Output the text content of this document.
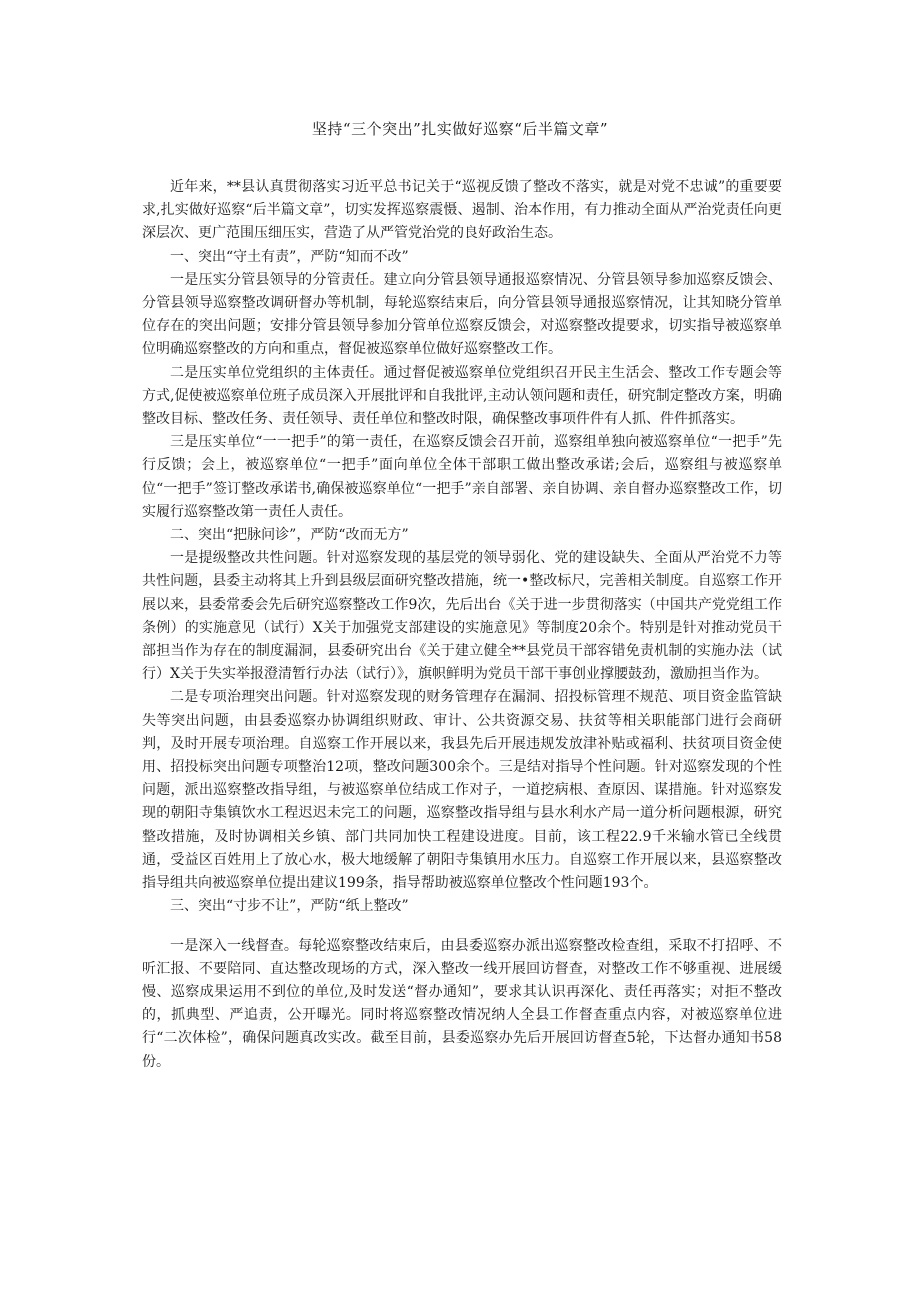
坚持“三个突出”扎实做好巡察“后半篇文章”

近年来，**县认真贯彻落实习近平总书记关于“巡视反馈了整改不落实，就是对党不忠诚”的重要要求,扎实做好巡察“后半篇文章”，切实发挥巡察震慑、遏制、治本作用，有力推动全面从严治党责任向更深层次、更广范围压细压实，营造了从严管党治党的良好政治生态。

一、突出“守土有责”，严防“知而不改”

一是压实分管县领导的分管责任。建立向分管县领导通报巡察情况、分管县领导参加巡察反馈会、分管县领导巡察整改调研督办等机制，每轮巡察结束后，向分管县领导通报巡察情况，让其知晓分管单位存在的突出问题；安排分管县领导参加分管单位巡察反馈会，对巡察整改提要求，切实指导被巡察单位明确巡察整改的方向和重点，督促被巡察单位做好巡察整改工作。

二是压实单位党组织的主体责任。通过督促被巡察单位党组织召开民主生活会、整改工作专题会等方式,促使被巡察单位班子成员深入开展批评和自我批评,主动认领问题和责任，研究制定整改方案，明确整改目标、整改任务、责任领导、责任单位和整改时限，确保整改事项件件有人抓、件件抓落实。

三是压实单位“一一把手”的第一责任，在巡察反馈会召开前，巡察组单独向被巡察单位“一把手”先行反馈；会上，被巡察单位“一把手”面向单位全体干部职工做出整改承诺;会后，巡察组与被巡察单位“一把手”签订整改承诺书,确保被巡察单位“一把手”亲自部署、亲自协调、亲自督办巡察整改工作，切实履行巡察整改第一责任人责任。

二、突出“把脉问诊”，严防“改而无方”

一是提级整改共性问题。针对巡察发现的基层党的领导弱化、党的建设缺失、全面从严治党不力等共性问题，县委主动将其上升到县级层面研究整改措施，统一•整改标尺，完善相关制度。自巡察工作开展以来，县委常委会先后研究巡察整改工作9次，先后出台《关于进一步贯彻落实（中国共产党党组工作条例）的实施意见（试行）X关于加强党支部建设的实施意见》等制度20余个。特别是针对推动党员干部担当作为存在的制度漏洞，县委研究出台《关于建立健全**县党员干部容错免责机制的实施办法（试行）X关于失实举报澄清暂行办法（试行）》，旗帜鲜明为党员干部干事创业撑腰鼓劲，激励担当作为。

二是专项治理突出问题。针对巡察发现的财务管理存在漏洞、招投标管理不规范、项目资金监管缺失等突出问题，由县委巡察办协调组织财政、审计、公共资源交易、扶贫等相关职能部门进行会商研判，及时开展专项治理。自巡察工作开展以来，我县先后开展违规发放津补贴或福利、扶贫项目资金使用、招投标突出问题专项整治12项，整改问题300余个。三是结对指导个性问题。针对巡察发现的个性问题，派出巡察整改指导组，与被巡察单位结成工作对子，一道挖病根、查原因、谋措施。针对巡察发现的朝阳寺集镇饮水工程迟迟未完工的问题，巡察整改指导组与县水利水产局一道分析问题根源，研究整改措施，及时协调相关乡镇、部门共同加快工程建设进度。目前，该工程22.9千米输水管已全线贯通，受益区百姓用上了放心水，极大地缓解了朝阳寺集镇用水压力。自巡察工作开展以来，县巡察整改指导组共向被巡察单位提出建议199条，指导帮助被巡察单位整改个性问题193个。

三、突出“寸步不让”，严防“纸上整改”

一是深入一线督查。每轮巡察整改结束后，由县委巡察办派出巡察整改检查组，采取不打招呼、不听汇报、不要陪同、直达整改现场的方式，深入整改一线开展回访督查，对整改工作不够重视、进展缓慢、巡察成果运用不到位的单位,及时发送“督办通知”，要求其认识再深化、责任再落实；对拒不整改的，抓典型、严追责，公开曝光。同时将巡察整改情况纳人全县工作督查重点内容，对被巡察单位进行“二次体检”，确保问题真改实改。截至目前，县委巡察办先后开展回访督查5轮，下达督办通知书58份。
